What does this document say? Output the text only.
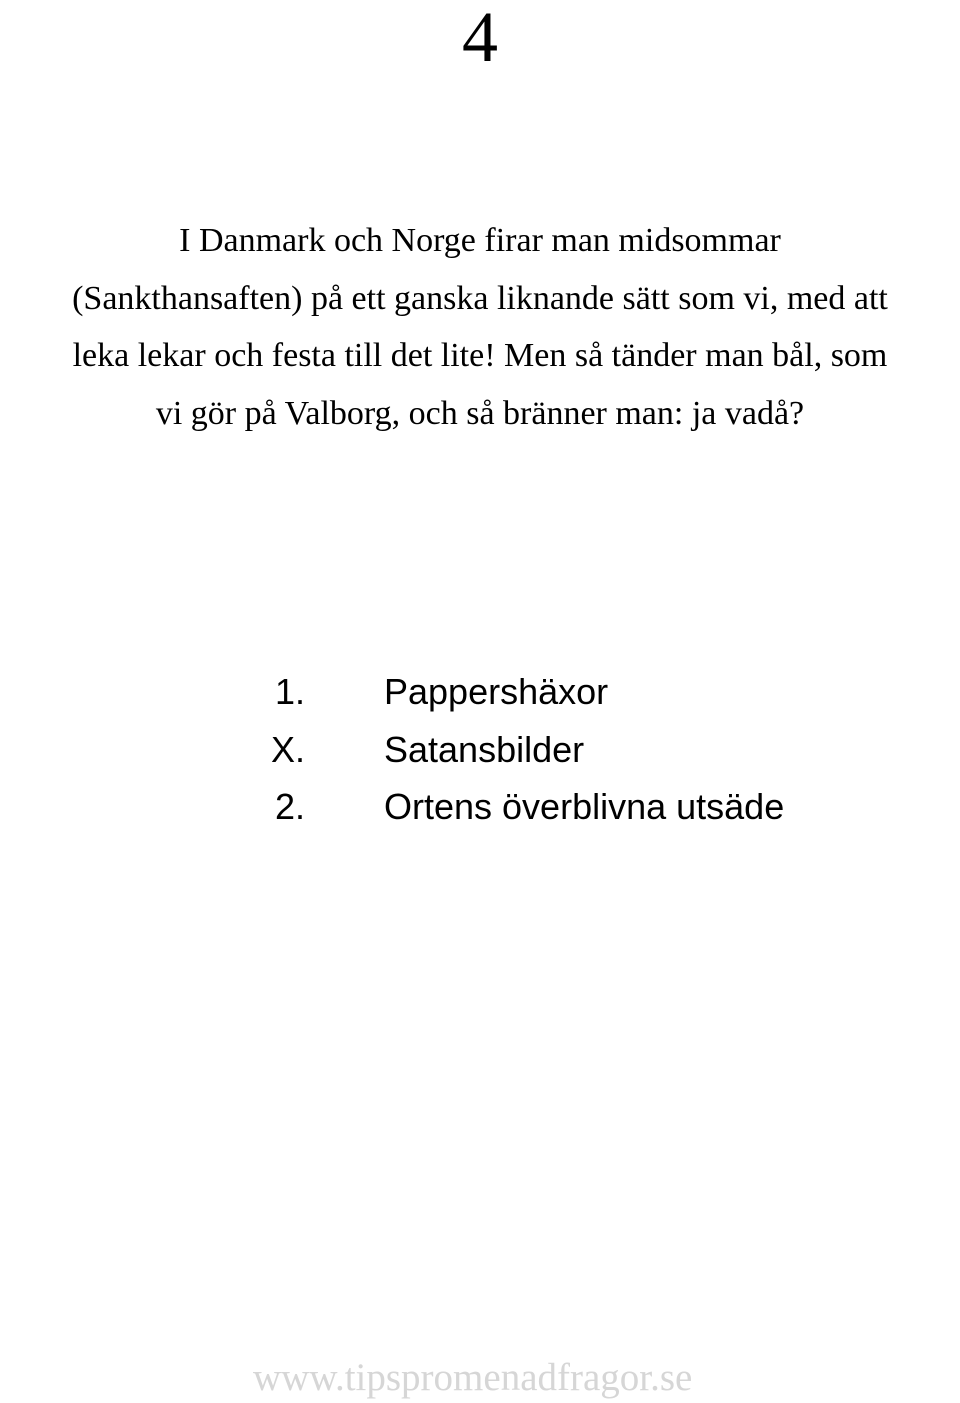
4
I Danmark och Norge firar man midsommar
(Sankthansaften) på ett ganska liknande sätt som vi, med att
leka lekar och festa till det lite! Men så tänder man bål, som
vi gör på Valborg, och så bränner man: ja vadå?
1. Pappershäxor
X. Satansbilder
2. Ortens överblivna utsäde
www.tipspromenadfragor.se
